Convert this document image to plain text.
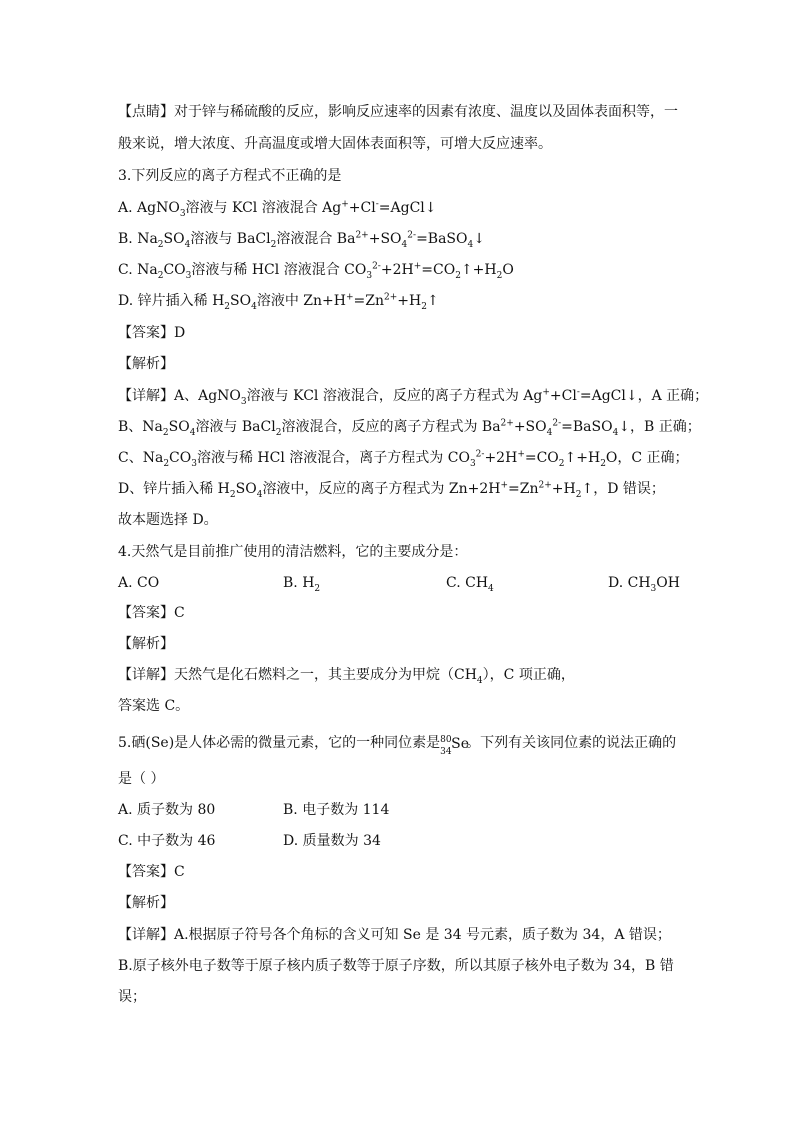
【点睛】对于锌与稀硫酸的反应，影响反应速率的因素有浓度、温度以及固体表面积等，一
般来说，增大浓度、升高温度或增大固体表面积等，可增大反应速率。
3.下列反应的离子方程式不正确的是
A. AgNO$_3$溶液与 KCl 溶液混合 Ag++Cl-=AgCl↓
B. $Na_2SO_4$溶液与 BaCl$_2$溶液混合 $Ba^{2+}+SO_4^{2-}=BaSO_4↓$
C. $Na_2CO_3$溶液与稀 HCl 溶液混合 $CO_3^{2-}+2H^+=CO_2↑+H_2O$
D. 锌片插入稀 $H_2SO_4$溶液中 $Zn+H^+=Zn^{2+}+H_2↑$
【答案】D
【解析】
【详解】A、AgNO$_3$溶液与 KCl 溶液混合，反应的离子方程式为 Ag++Cl-=AgCl↓，A 正确；
B、$Na_2SO_4$溶液与 BaCl$_2$溶液混合，反应的离子方程式为 $Ba^{2+}+SO_4^{2-}=BaSO_4↓$，B 正确；
C、$Na_2CO_3$溶液与稀 HCl 溶液混合，离子方程式为 $CO_3^{2-}+2H^+=CO_2↑+H_2O$，C 正确；
D、锌片插入稀 $H_2SO_4$溶液中，反应的离子方程式为 $Zn+2H^+=Zn^{2+}+H_2↑$，D 错误；
故本题选择 D。
4.天然气是目前推广使用的清洁燃料，它的主要成分是：
A. CO	B. $H_2$	C. $CH_4$	D. $CH_3OH$
【答案】C
【解析】
【详解】天然气是化石燃料之一，其主要成分为甲烷$(CH_4)$，C 项正确，
答案选 C。
5.硒(Se)是人体必需的微量元素，它的一种同位素是 80
34 Se
。下列有关该同位素的说法正确的
是（ ）
A. 质子数为 80	B. 电子数为 114
C. 中子数为 46	D. 质量数为 34
【答案】C
【解析】
【详解】A.根据原子符号各个角标的含义可知 Se 是 34 号元素，质子数为 34，A 错误；
B.原子核外电子数等于原子核内质子数等于原子序数，所以其原子核外电子数为 34，B 错
误；
